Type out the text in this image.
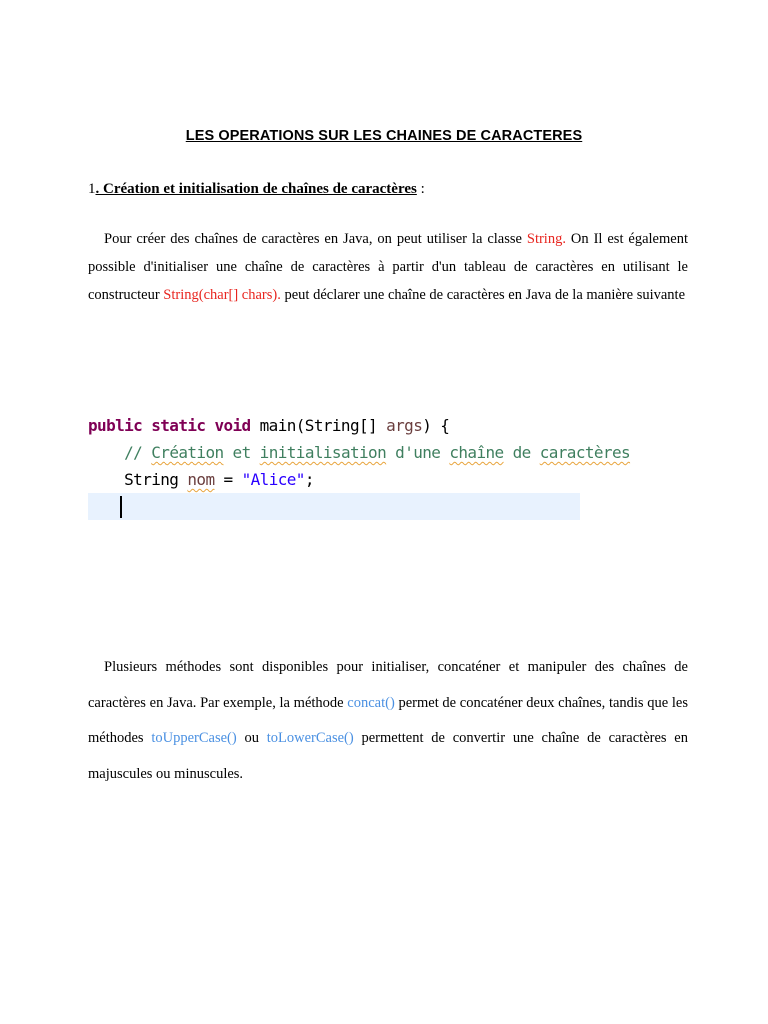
LES OPERATIONS SUR LES CHAINES DE CARACTERES
1. Création et initialisation de chaînes de caractères :

Pour créer des chaînes de caractères en Java, on peut utiliser la classe String. On Il est également possible d'initialiser une chaîne de caractères à partir d'un tableau de caractères en utilisant le constructeur String(char[] chars). peut déclarer une chaîne de caractères en Java de la manière suivante

public static void main(String[] args) {
// Création et initialisation d'une chaîne de caractères
String nom = "Alice";

Plusieurs méthodes sont disponibles pour initialiser, concaténer et manipuler des chaînes de caractères en Java. Par exemple, la méthode concat() permet de concaténer deux chaînes, tandis que les méthodes toUpperCase() ou toLowerCase() permettent de convertir une chaîne de caractères en majuscules ou minuscules.
